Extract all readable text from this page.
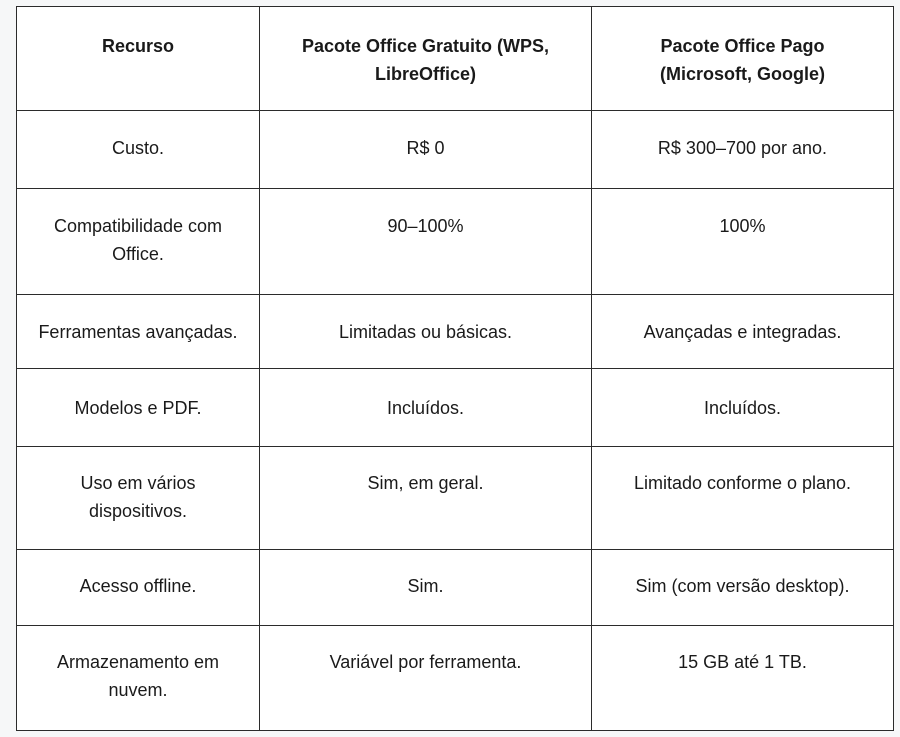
Recurso	Pacote Office Gratuito (WPS, LibreOffice)	Pacote Office Pago (Microsoft, Google)
Custo.	R$ 0	R$ 300–700 por ano.
Compatibilidade com Office.	90–100%	100%
Ferramentas avançadas.	Limitadas ou básicas.	Avançadas e integradas.
Modelos e PDF.	Incluídos.	Incluídos.
Uso em vários dispositivos.	Sim, em geral.	Limitado conforme o plano.
Acesso offline.	Sim.	Sim (com versão desktop).
Armazenamento em nuvem.	Variável por ferramenta.	15 GB até 1 TB.
